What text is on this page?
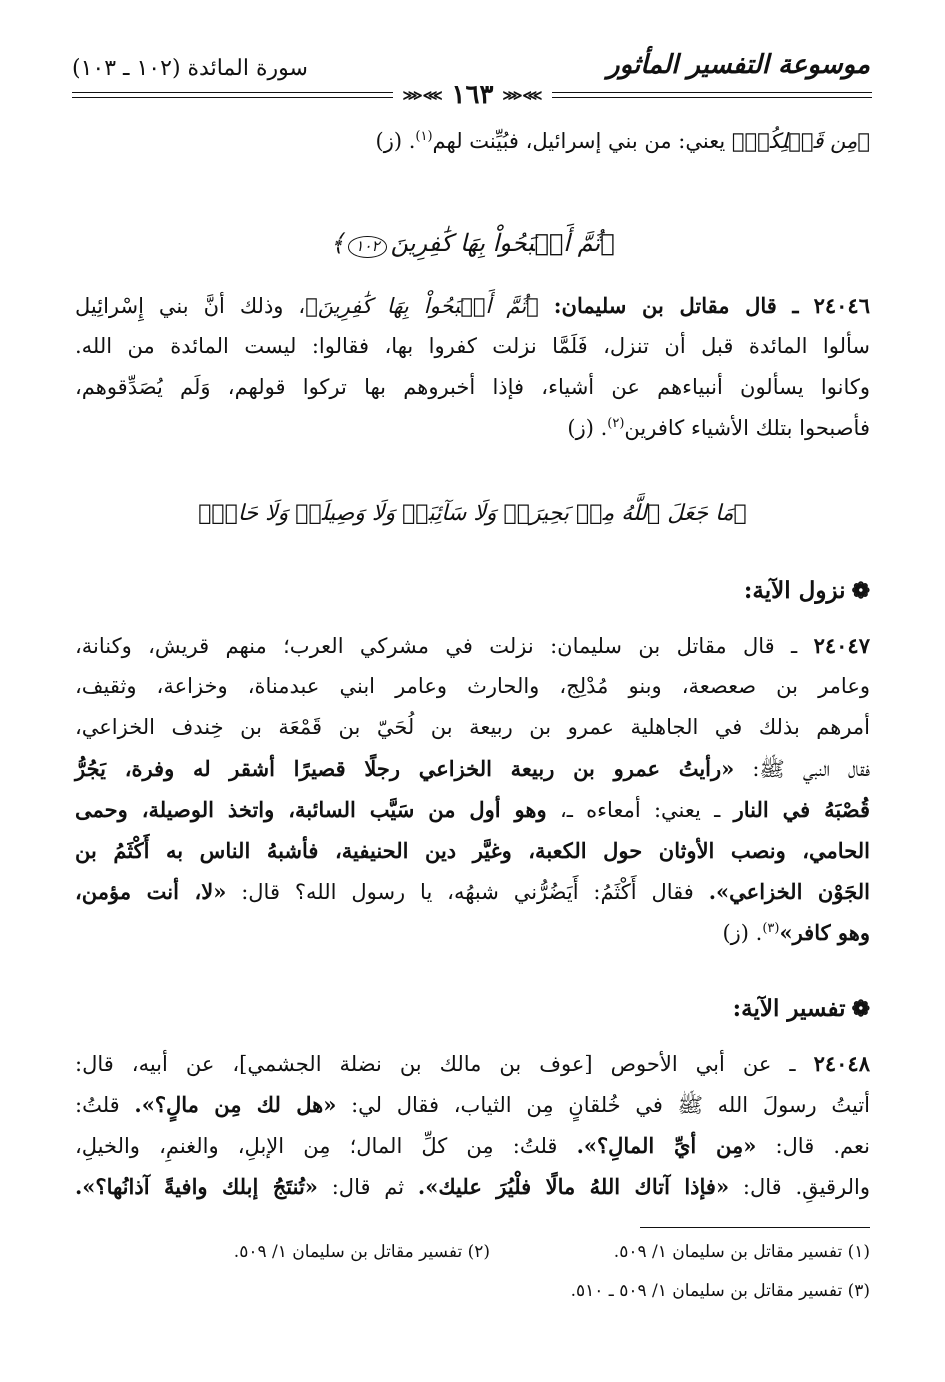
موسوعة التفسير المأثور
سورة المائدة (١٠٢ ـ ١٠٣)
⋙⋘ ١٦٣ ⋙⋘
﴿مِن قَبۡلِكُمۡ﴾ يعني: من بني إسرائيل، فبُيِّنت لهم$^{(١)}$. (ز)
﴿ثُمَّ أَصۡبَحُواْ بِهَا كَٰفِرِينَ١٠٢﴾
٢٤٠٤٦ ـ قال مقاتل بن سليمان: ﴿ثُمَّ أَصۡبَحُواْ بِهَا كَٰفِرِينَ﴾، وذلك أنَّ بني إِسْرائِيل
سألوا المائدة قبل أن تنزل، فَلَمَّا نزلت كفروا بها، فقالوا: ليست المائدة من الله.
وكانوا يسألون أنبياءهم عن أشياء، فإذا أخبروهم بها تركوا قولهم، وَلَم يُصَدِّقوهم،
فأصبحوا بتلك الأشياء كافرين$^{(٢)}$. (ز)
﴿مَا جَعَلَ ٱللَّهُ مِنۢ بَحِيرَةٖ وَلَا سَآئِبَةٖ وَلَا وَصِيلَةٖ وَلَا حَامٖ﴾
❁نزول الآية:
٢٤٠٤٧ ـ قال مقاتل بن سليمان: نزلت في مشركي العرب؛ منهم قريش، وكنانة،
وعامر بن صعصعة، وبنو مُدْلِج، والحارث وعامر ابني عبدمناة، وخزاعة، وثقيف،
أمرهم بذلك في الجاهلية عمرو بن ربيعة بن لُحَيّ بن قَمْعَة بن خِندف الخزاعي،
فقال النبي ﷺ: «رأيتُ عمرو بن ربيعة الخزاعي رجلًا قصيرًا أشقر له وفرة، يَجُرُّ
قُصْبَهُ في النار ـ يعني: أمعاءه ـ، وهو أول من سَيَّب السائبة، واتخذ الوصيلة، وحمى
الحامي، ونصب الأوثان حول الكعبة، وغيَّر دين الحنيفية، فأشبهُ الناس به أَكْثَمُ بن
الجَوْن الخزاعي». فقال أَكْثَمُ: أَيَضُرُّني شبهُه، يا رسول الله؟ قال: «لا، أنت مؤمن،
وهو كافر»$^{(٣)}$. (ز)
❁تفسير الآية:
٢٤٠٤٨ ـ عن أبي الأحوص [عوف بن مالك بن نضلة الجشمي]، عن أبيه، قال:
أتيتُ رسولَ الله ﷺ في خُلقانٍ مِن الثياب، فقال لي: «هل لك مِن مالٍ؟». قلتُ:
نعم. قال: «مِن أيِّ المالِ؟». قلتُ: مِن كلِّ المال؛ مِن الإبلِ، والغنمِ، والخيلِ،
والرقيقِ. قال: «فإذا آتاك اللهُ مالًا فلْيُرَ عليك». ثم قال: «تُنتَجُ إبلك وافيةً آذانُها؟».
(١) تفسير مقاتل بن سليمان ١/ ٥٠٩.
(٢) تفسير مقاتل بن سليمان ١/ ٥٠٩.
(٣) تفسير مقاتل بن سليمان ١/ ٥٠٩ ـ ٥١٠.
